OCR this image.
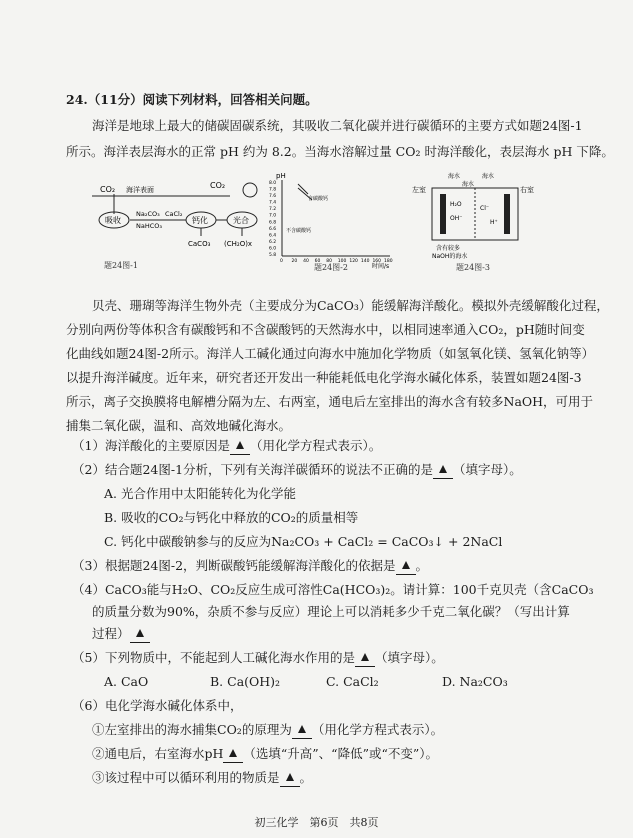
24.（11分）阅读下列材料，回答相关问题。
海洋是地球上最大的储碳固碳系统，其吸收二氧化碳并进行碳循环的主要方式如题24图-1
所示。海洋表层海水的正常 pH 约为 8.2。当海水溶解过量 CO₂ 时海洋酸化，表层海水 pH 下降。
CO₂ 海洋表面	CO₂
吸收
Na₂CO₃
NaHCO₃
CaCl₂
钙化	光合
CaCO₃ (CH₂O)x
题24图-1
pH
8.0
7.8
7.6
7.4
7.2
7.0
6.8
6.6
6.4
6.2
6.0
5.8
0 20 40 60 80 100 120 140 160 180
含碳酸钙
不含碳酸钙
时间/s
题24图-2
左室	右室
海水	海水
海水
H₂O
OH⁻
Cl⁻
H⁺
含有较多
NaOH的海水
题24图-3
贝壳、珊瑚等海洋生物外壳（主要成分为CaCO₃）能缓解海洋酸化。模拟外壳缓解酸化过程，
分别向两份等体积含有碳酸钙和不含碳酸钙的天然海水中，以相同速率通入CO₂，pH随时间变
化曲线如题24图-2所示。海洋人工碱化通过向海水中施加化学物质（如氢氧化镁、氢氧化钠等）
以提升海洋碱度。近年来，研究者还开发出一种能耗低电化学海水碱化体系，装置如题24图-3
所示，离子交换膜将电解槽分隔为左、右两室，通电后左室排出的海水含有较多NaOH，可用于
捕集二氧化碳，温和、高效地碱化海水。
（1）海洋酸化的主要原因是 （用化学方程式表示）。
（2）结合题24图-1分析，下列有关海洋碳循环的说法不正确的是 （填字母）。
A. 光合作用中太阳能转化为化学能
B. 吸收的CO₂与钙化中释放的CO₂的质量相等
C. 钙化中碳酸钠参与的反应为Na₂CO₃ + CaCl₂ = CaCO₃↓ + 2NaCl
（3）根据题24图-2，判断碳酸钙能缓解海洋酸化的依据是 。
（4）CaCO₃能与H₂O、CO₂反应生成可溶性Ca(HCO₃)₂。请计算：100千克贝壳（含CaCO₃
的质量分数为90%，杂质不参与反应）理论上可以消耗多少千克二氧化碳？（写出计算
过程）
（5）下列物质中，不能起到人工碱化海水作用的是 （填字母）。
A. CaO	B. Ca(OH)₂	C. CaCl₂	D. Na₂CO₃
（6）电化学海水碱化体系中，
①左室排出的海水捕集CO₂的原理为 （用化学方程式表示）。
②通电后，右室海水pH （选填“升高”、“降低”或“不变”）。
③该过程中可以循环利用的物质是 。
初三化学　第6页　共8页
